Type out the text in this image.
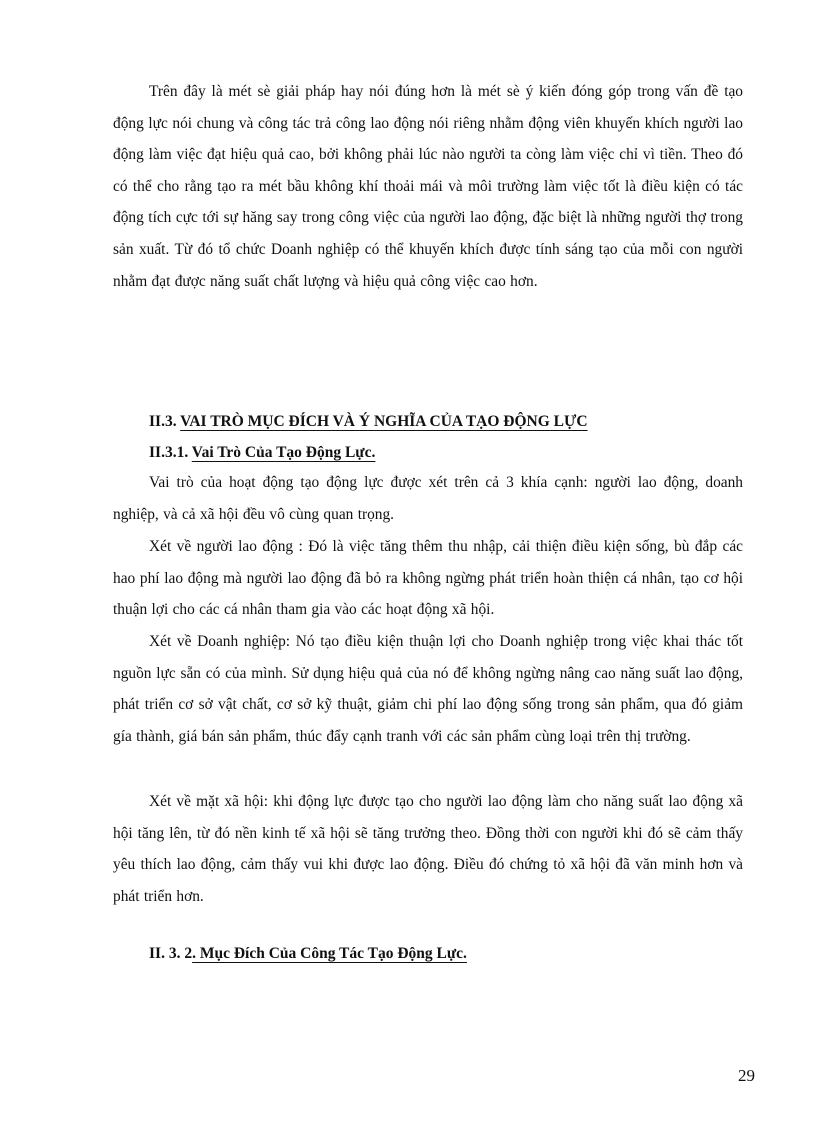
Trên đây là mét sè giải pháp hay nói đúng hơn là mét sè ý kiến đóng góp trong vấn đề tạo động lực nói chung và công tác trả công lao động nói riêng nhằm động viên khuyến khích người lao động làm việc đạt hiệu quả cao, bởi không phải lúc nào người ta còng làm việc chỉ vì tiền. Theo đó có thể cho rằng tạo ra mét bầu không khí thoải mái và môi trường làm việc tốt là điều kiện có tác động tích cực tới sự hăng say trong công việc của người lao động, đặc biệt là những người thợ trong sản xuất. Từ đó tổ chức Doanh nghiệp có thể khuyến khích được tính sáng tạo của mỗi con người nhằm đạt được năng suất chất lượng và hiệu quả công việc cao hơn.

II.3. VAI TRÒ MỤC ĐÍCH VÀ Ý NGHĨA CỦA TẠO ĐỘNG LỰC

II.3.1. Vai Trò Của Tạo Động Lực.

Vai trò của hoạt động tạo động lực được xét trên cả 3 khía cạnh: người lao động, doanh nghiệp, và cả xã hội đều vô cùng quan trọng.

Xét về người lao động : Đó là việc tăng thêm thu nhập, cải thiện điều kiện sống, bù đắp các hao phí lao động mà người lao động đã bỏ ra không ngừng phát triển hoàn thiện cá nhân, tạo cơ hội thuận lợi cho các cá nhân tham gia vào các hoạt động xã hội.

Xét về Doanh nghiệp: Nó tạo điều kiện thuận lợi cho Doanh nghiệp trong việc khai thác tốt nguồn lực sẵn có của mình. Sử dụng hiệu quả của nó để không ngừng nâng cao năng suất lao động, phát triển cơ sở vật chất, cơ sở kỹ thuật, giảm chi phí lao động sống trong sản phẩm, qua đó giảm gía thành, giá bán sản phẩm, thúc đẩy cạnh tranh với các sản phẩm cùng loại trên thị trường.

Xét về mặt xã hội: khi động lực được tạo cho người lao động làm cho năng suất lao động xã hội tăng lên, từ đó nền kinh tế xã hội sẽ tăng trưởng theo. Đồng thời con người khi đó sẽ cảm thấy yêu thích lao động, cảm thấy vui khi được lao động. Điều đó chứng tỏ xã hội đã văn minh hơn và phát triển hơn.

II. 3. 2. Mục Đích Của Công Tác Tạo Động Lực.

29
